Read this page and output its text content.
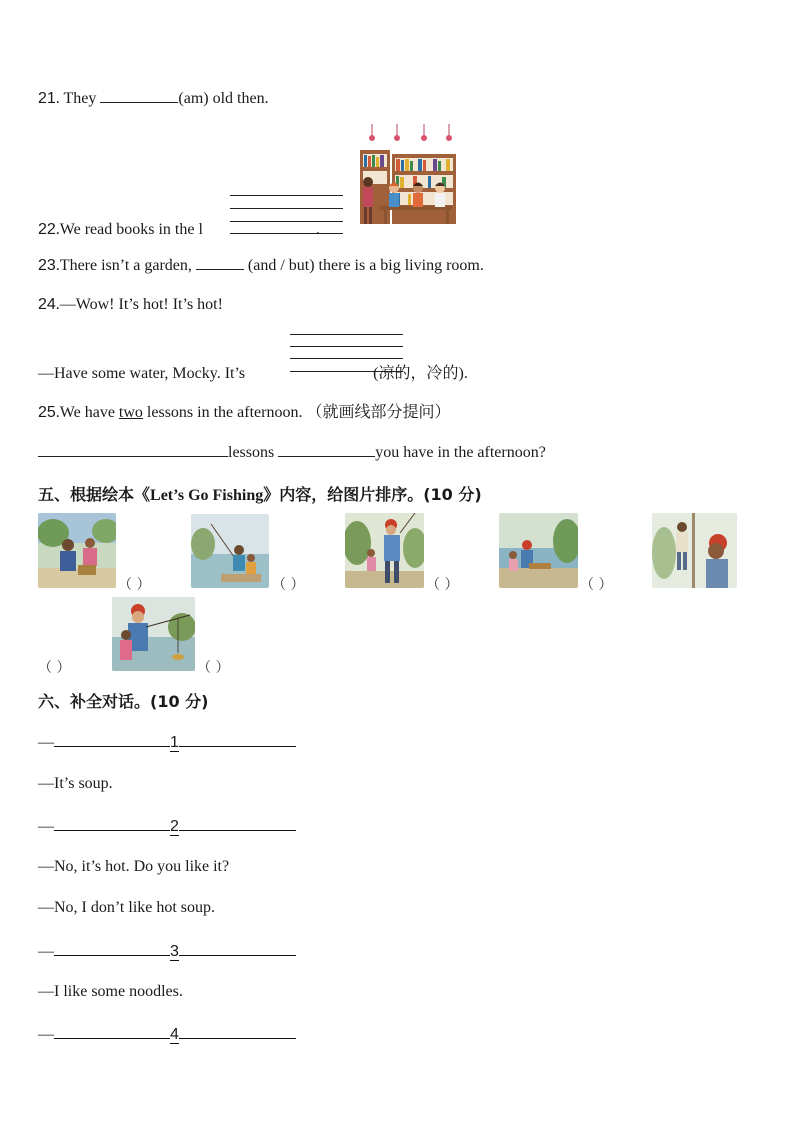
21. They	(am) old then.
22.We read books in the l	.
23.There isn’t a garden,	(and / but) there is a big living room.
24.—Wow! It’s hot! It’s hot!
—Have some water, Mocky. It’s	(凉的，冷的).
25.We have two lessons in the afternoon. （就画线部分提问）
lessons	you have in the afternoon?
五、根据绘本《Let’s Go Fishing》内容，给图片排序。(10 分)
（ ）	（ ）	（ ）	（ ）
（ ）	（ ）
六、补全对话。(10 分)
—	1
—It’s soup.
—	2
—No, it’s hot. Do you like it?
—No, I don’t like hot soup.
—	3
—I like some noodles.
—	4
